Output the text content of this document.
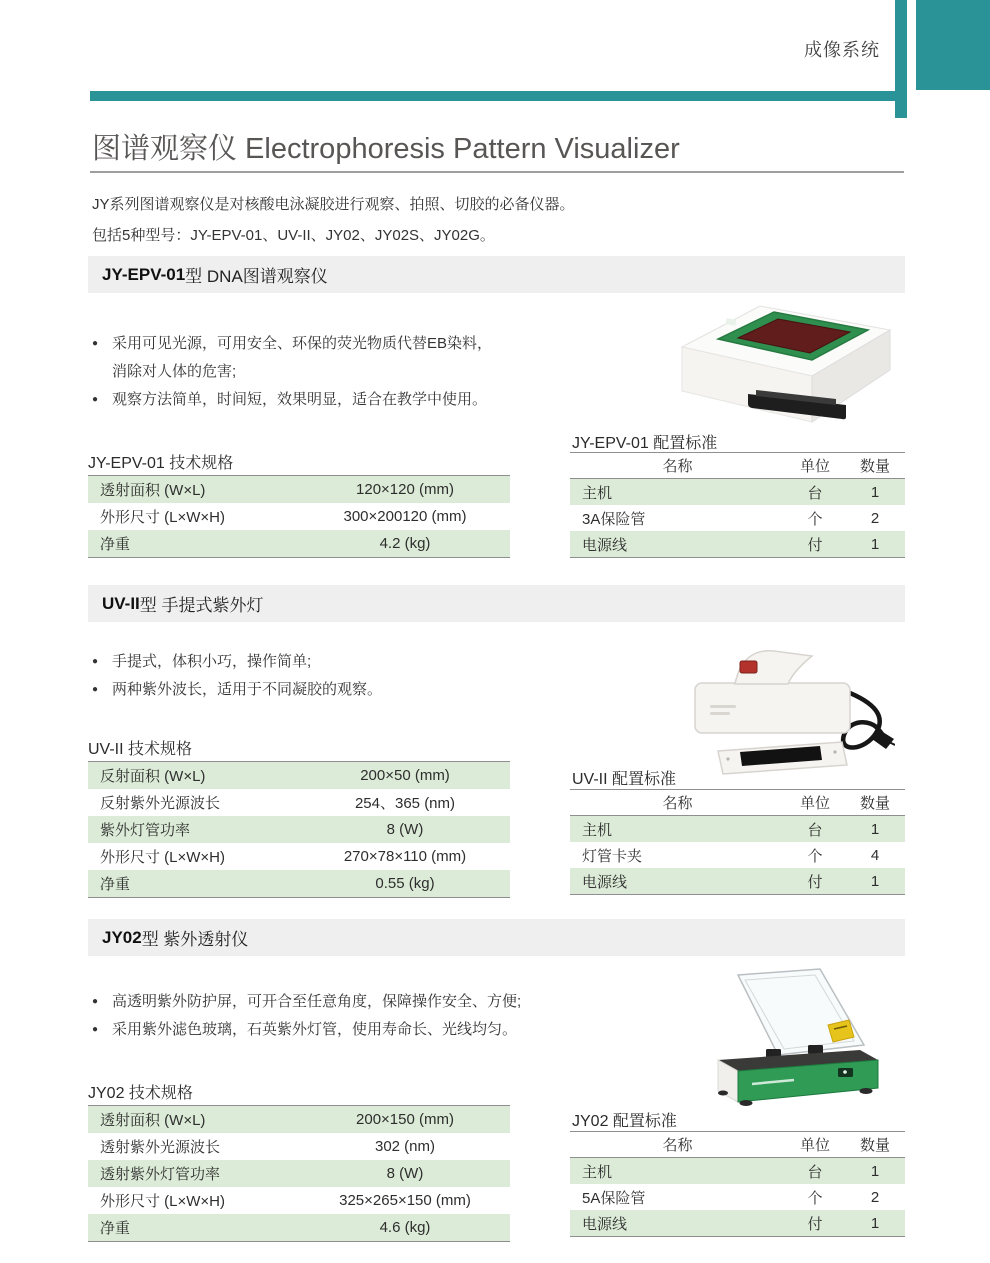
成像系统
图谱观察仪 Electrophoresis Pattern Visualizer
JY系列图谱观察仪是对核酸电泳凝胶进行观察、拍照、切胶的必备仪器。
包括5种型号：JY-EPV-01、UV-II、JY02、JY02S、JY02G。
JY-EPV-01 型 DNA图谱观察仪
● 采用可见光源，可用安全、环保的荧光物质代替EB染料，消除对人体的危害;
● 观察方法简单，时间短，效果明显，适合在教学中使用。
JY-EPV-01 配置标准
名称	单位	数量
主机	台	1
3A保险管	个	2
电源线	付	1
JY-EPV-01 技术规格
透射面积 (W×L)	120×120 (mm)
外形尺寸 (L×W×H)	300×200120 (mm)
净重	4.2 (kg)
UV-II 型 手提式紫外灯
● 手提式，体积小巧，操作简单;
● 两种紫外波长，适用于不同凝胶的观察。
UV-II 技术规格
反射面积 (W×L)	200×50 (mm)
反射紫外光源波长	254、365 (nm)
紫外灯管功率	8 (W)
外形尺寸 (L×W×H)	270×78×110 (mm)
净重	0.55 (kg)
UV-II 配置标准
名称	单位	数量
主机	台	1
灯管卡夹	个	4
电源线	付	1
JY02 型 紫外透射仪
● 高透明紫外防护屏，可开合至任意角度，保障操作安全、方便;
● 采用紫外滤色玻璃，石英紫外灯管，使用寿命长、光线均匀。
JY02 技术规格
透射面积 (W×L)	200×150 (mm)
透射紫外光源波长	302 (nm)
透射紫外灯管功率	8 (W)
外形尺寸 (L×W×H)	325×265×150 (mm)
净重	4.6 (kg)
JY02 配置标准
名称	单位	数量
主机	台	1
5A保险管	个	2
电源线	付	1
